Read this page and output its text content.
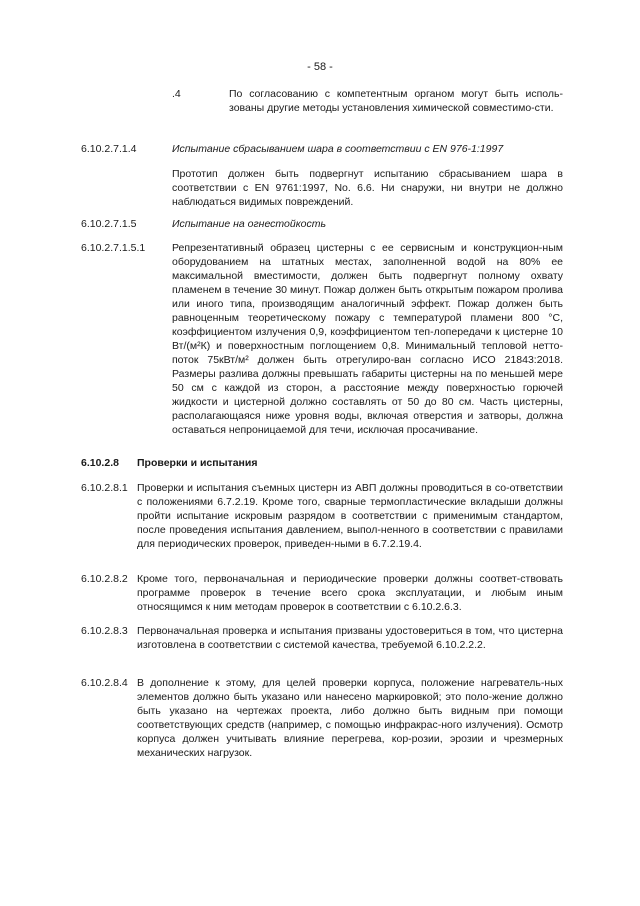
- 58 -
.4	По согласованию с компетентным органом могут быть исполь-зованы другие методы установления химической совместимо-сти.
6.10.2.7.1.4	Испытание сбрасыванием шара в соответствии с EN 976-1:1997
Прототип должен быть подвергнут испытанию сбрасыванием шара в соответствии с EN 9761:1997, No. 6.6. Ни снаружи, ни внутри не должно наблюдаться видимых повреждений.
6.10.2.7.1.5	Испытание на огнестойкость
6.10.2.7.1.5.1	Репрезентативный образец цистерны с ее сервисным и конструкцион-ным оборудованием на штатных местах, заполненной водой на 80% ее максимальной вместимости, должен быть подвергнут полному охвату пламенем в течение 30 минут. Пожар должен быть открытым пожаром пролива или иного типа, производящим аналогичный эффект. Пожар должен быть равноценным теоретическому пожару с температурой пламени 800 °C, коэффициентом излучения 0,9, коэффициентом теп-лопередачи к цистерне 10 Вт/(м²К) и поверхностным поглощением 0,8. Минимальный тепловой нетто-поток 75кВт/м² должен быть отрегулиро-ван согласно ИСО 21843:2018. Размеры разлива должны превышать габариты цистерны на по меньшей мере 50 см с каждой из сторон, а расстояние между поверхностью горючей жидкости и цистерной должно составлять от 50 до 80 см. Часть цистерны, располагающаяся ниже уровня воды, включая отверстия и затворы, должна оставаться непроницаемой для течи, исключая просачивание.
6.10.2.8 Проверки и испытания
6.10.2.8.1 Проверки и испытания съемных цистерн из АВП должны проводиться в со-ответствии с положениями 6.7.2.19. Кроме того, сварные термопластические вкладыши должны пройти испытание искровым разрядом в соответствии с применимым стандартом, после проведения испытания давлением, выпол-ненного в соответствии с правилами для периодических проверок, приведен-ными в 6.7.2.19.4.
6.10.2.8.2 Кроме того, первоначальная и периодические проверки должны соответ-ствовать программе проверок в течение всего срока эксплуатации, и любым иным относящимся к ним методам проверок в соответствии с 6.10.2.6.3.
6.10.2.8.3 Первоначальная проверка и испытания призваны удостовериться в том, что цистерна изготовлена в соответствии с системой качества, требуемой 6.10.2.2.2.
6.10.2.8.4 В дополнение к этому, для целей проверки корпуса, положение нагреватель-ных элементов должно быть указано или нанесено маркировкой; это поло-жение должно быть указано на чертежах проекта, либо должно быть видным при помощи соответствующих средств (например, с помощью инфракрас-ного излучения). Осмотр корпуса должен учитывать влияние перегрева, кор-розии, эрозии и чрезмерных механических нагрузок.
